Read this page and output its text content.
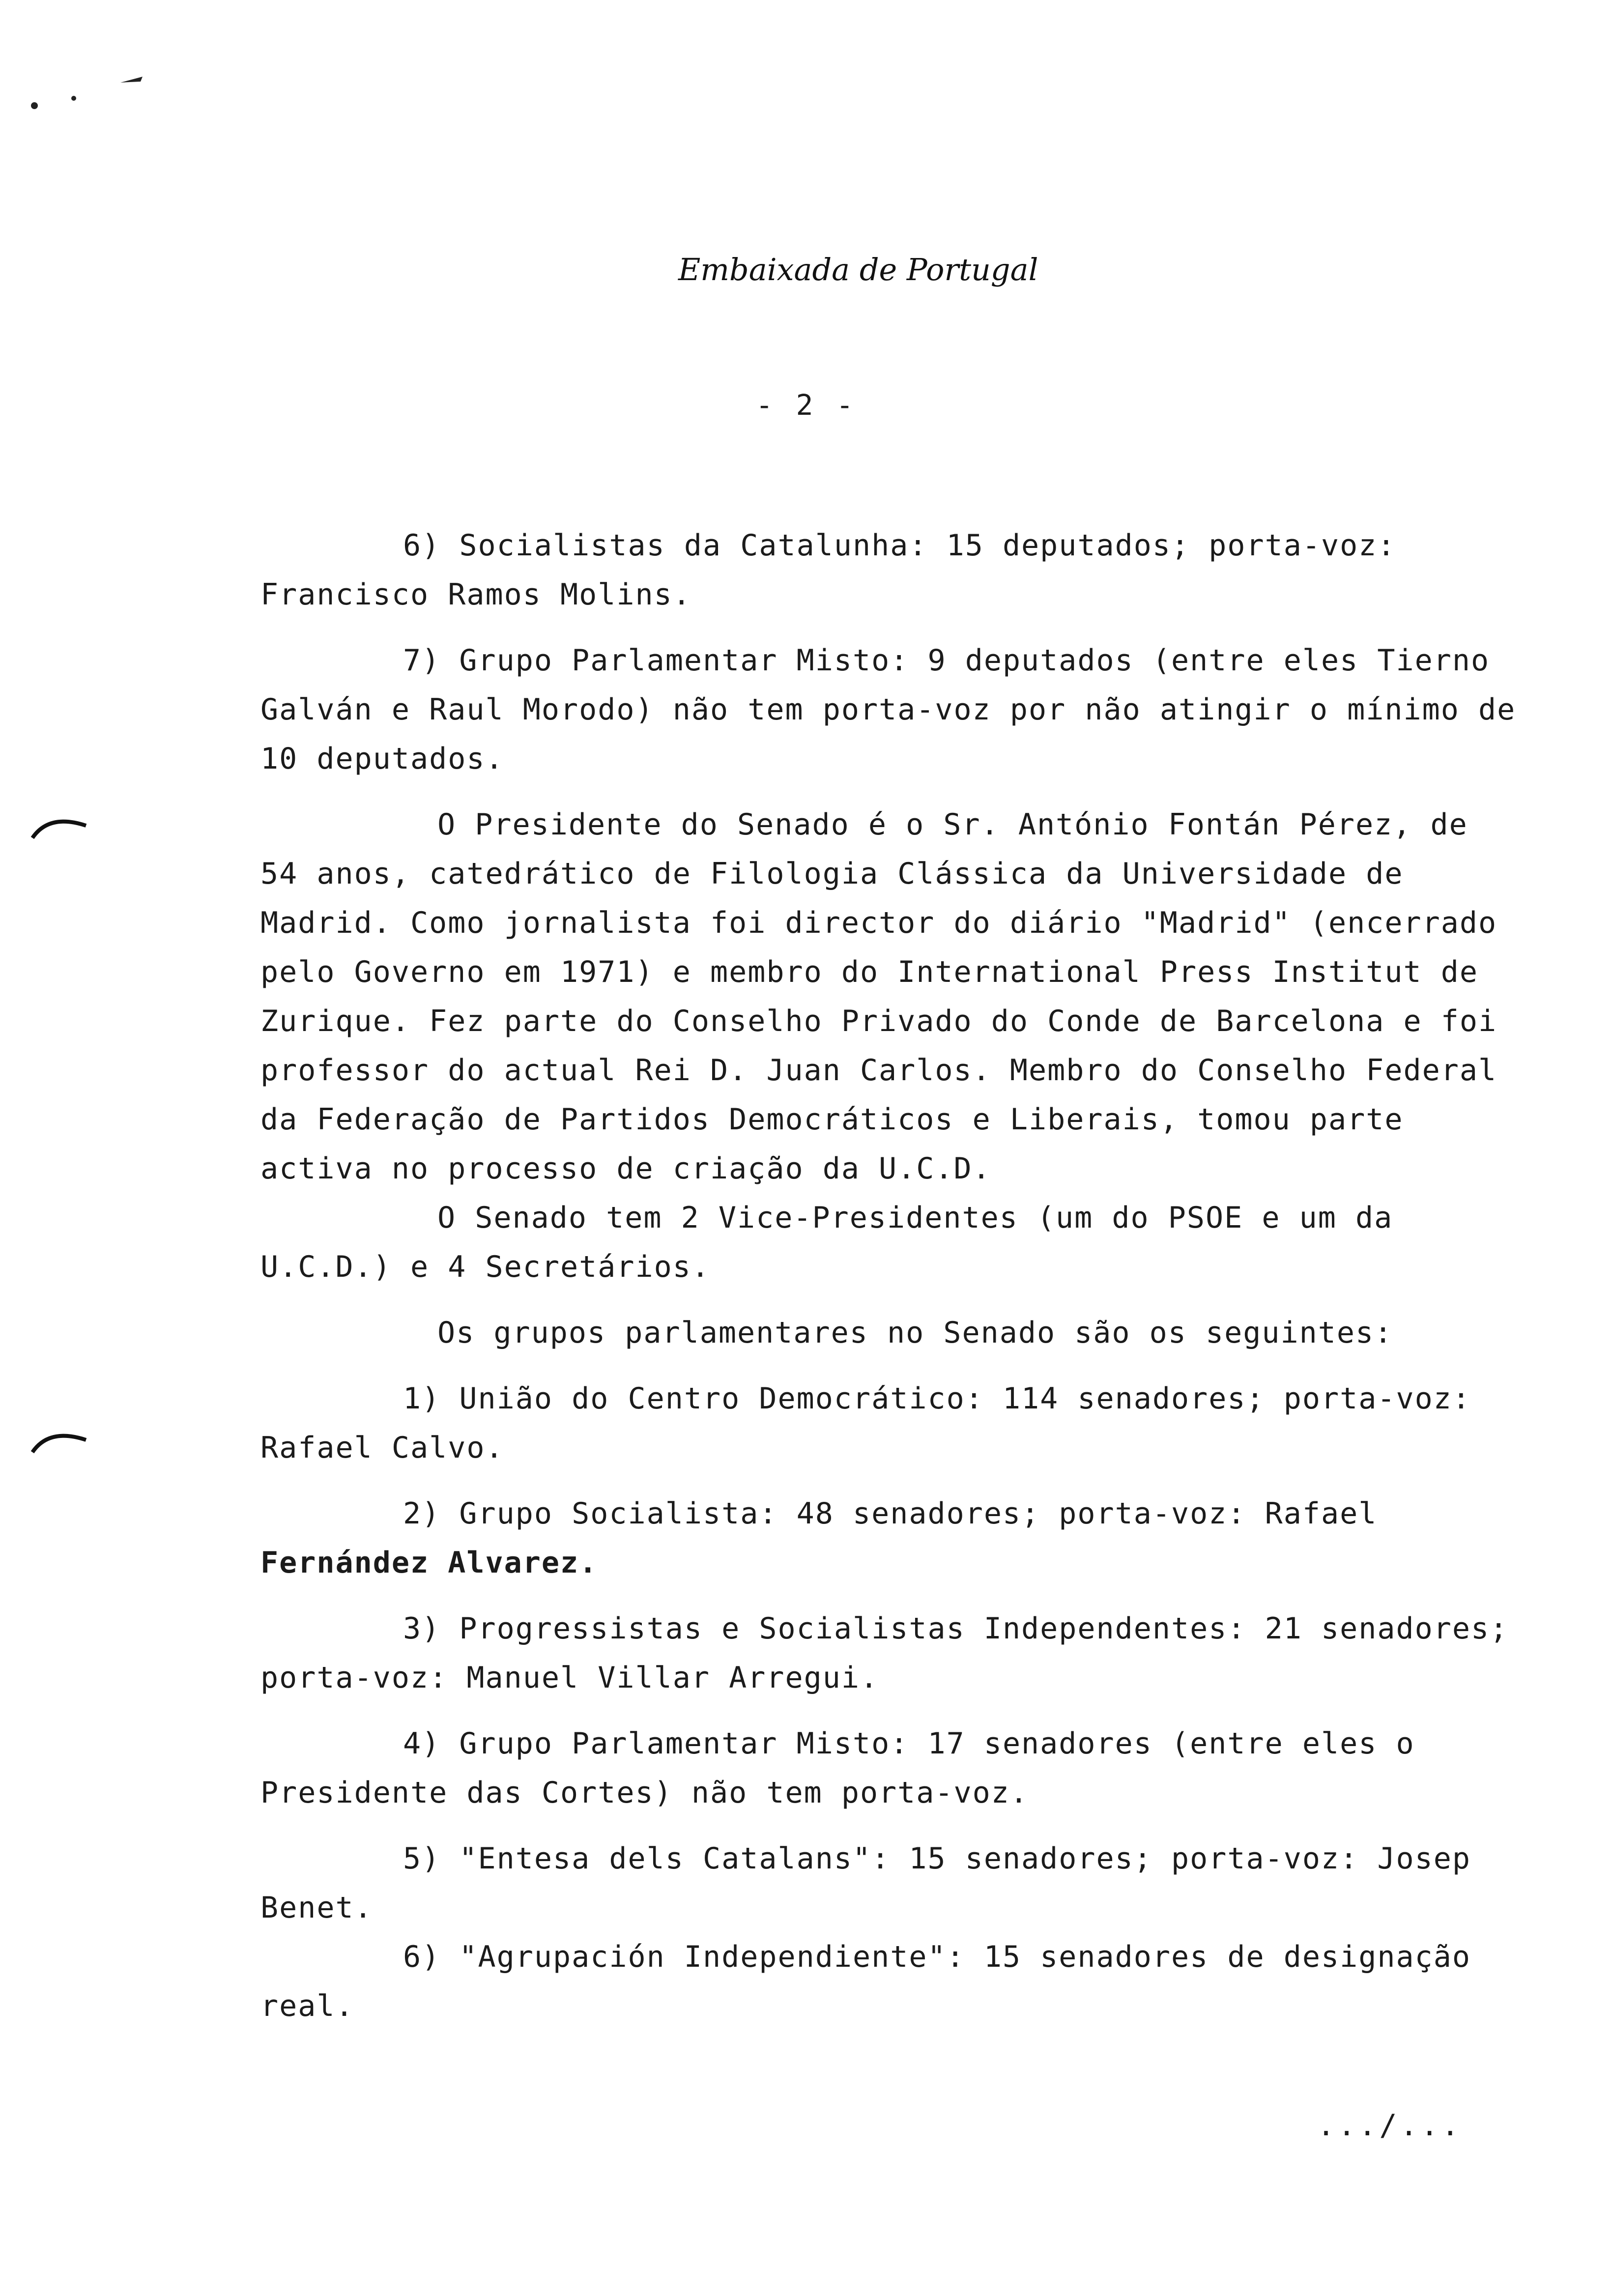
Embaixada de Portugal
- 2 -

6) Socialistas da Catalunha: 15 deputados; porta-voz: Francisco Ramos Molins.

7) Grupo Parlamentar Misto: 9 deputados (entre eles Tierno Galván e Raul Morodo) não tem porta-voz por não atingir o mínimo de 10 deputados.

O Presidente do Senado é o Sr. António Fontán Pérez, de 54 anos, catedrático de Filologia Clássica da Universidade de Madrid. Como jornalista foi director do diário "Madrid" (encerrado pelo Governo em 1971) e membro do International Press Institut de Zurique. Fez parte do Conselho Privado do Conde de Barcelona e foi professor do actual Rei D. Juan Carlos. Membro do Conselho Federal da Federação de Partidos Democráticos e Liberais, tomou parte activa no processo de criação da U.C.D.

O Senado tem 2 Vice-Presidentes (um do PSOE e um da U.C.D.) e 4 Secretários.

Os grupos parlamentares no Senado são os seguintes:

1) União do Centro Democrático: 114 senadores; porta-voz: Rafael Calvo.

2) Grupo Socialista: 48 senadores; porta-voz: Rafael

Fernández Alvarez.

3) Progressistas e Socialistas Independentes: 21 senadores; porta-voz: Manuel Villar Arregui.

4) Grupo Parlamentar Misto: 17 senadores (entre eles o Presidente das Cortes) não tem porta-voz.

5) "Entesa dels Catalans": 15 senadores; porta-voz: Josep Benet.

6) "Agrupación Independiente": 15 senadores de designação real.

.../...
